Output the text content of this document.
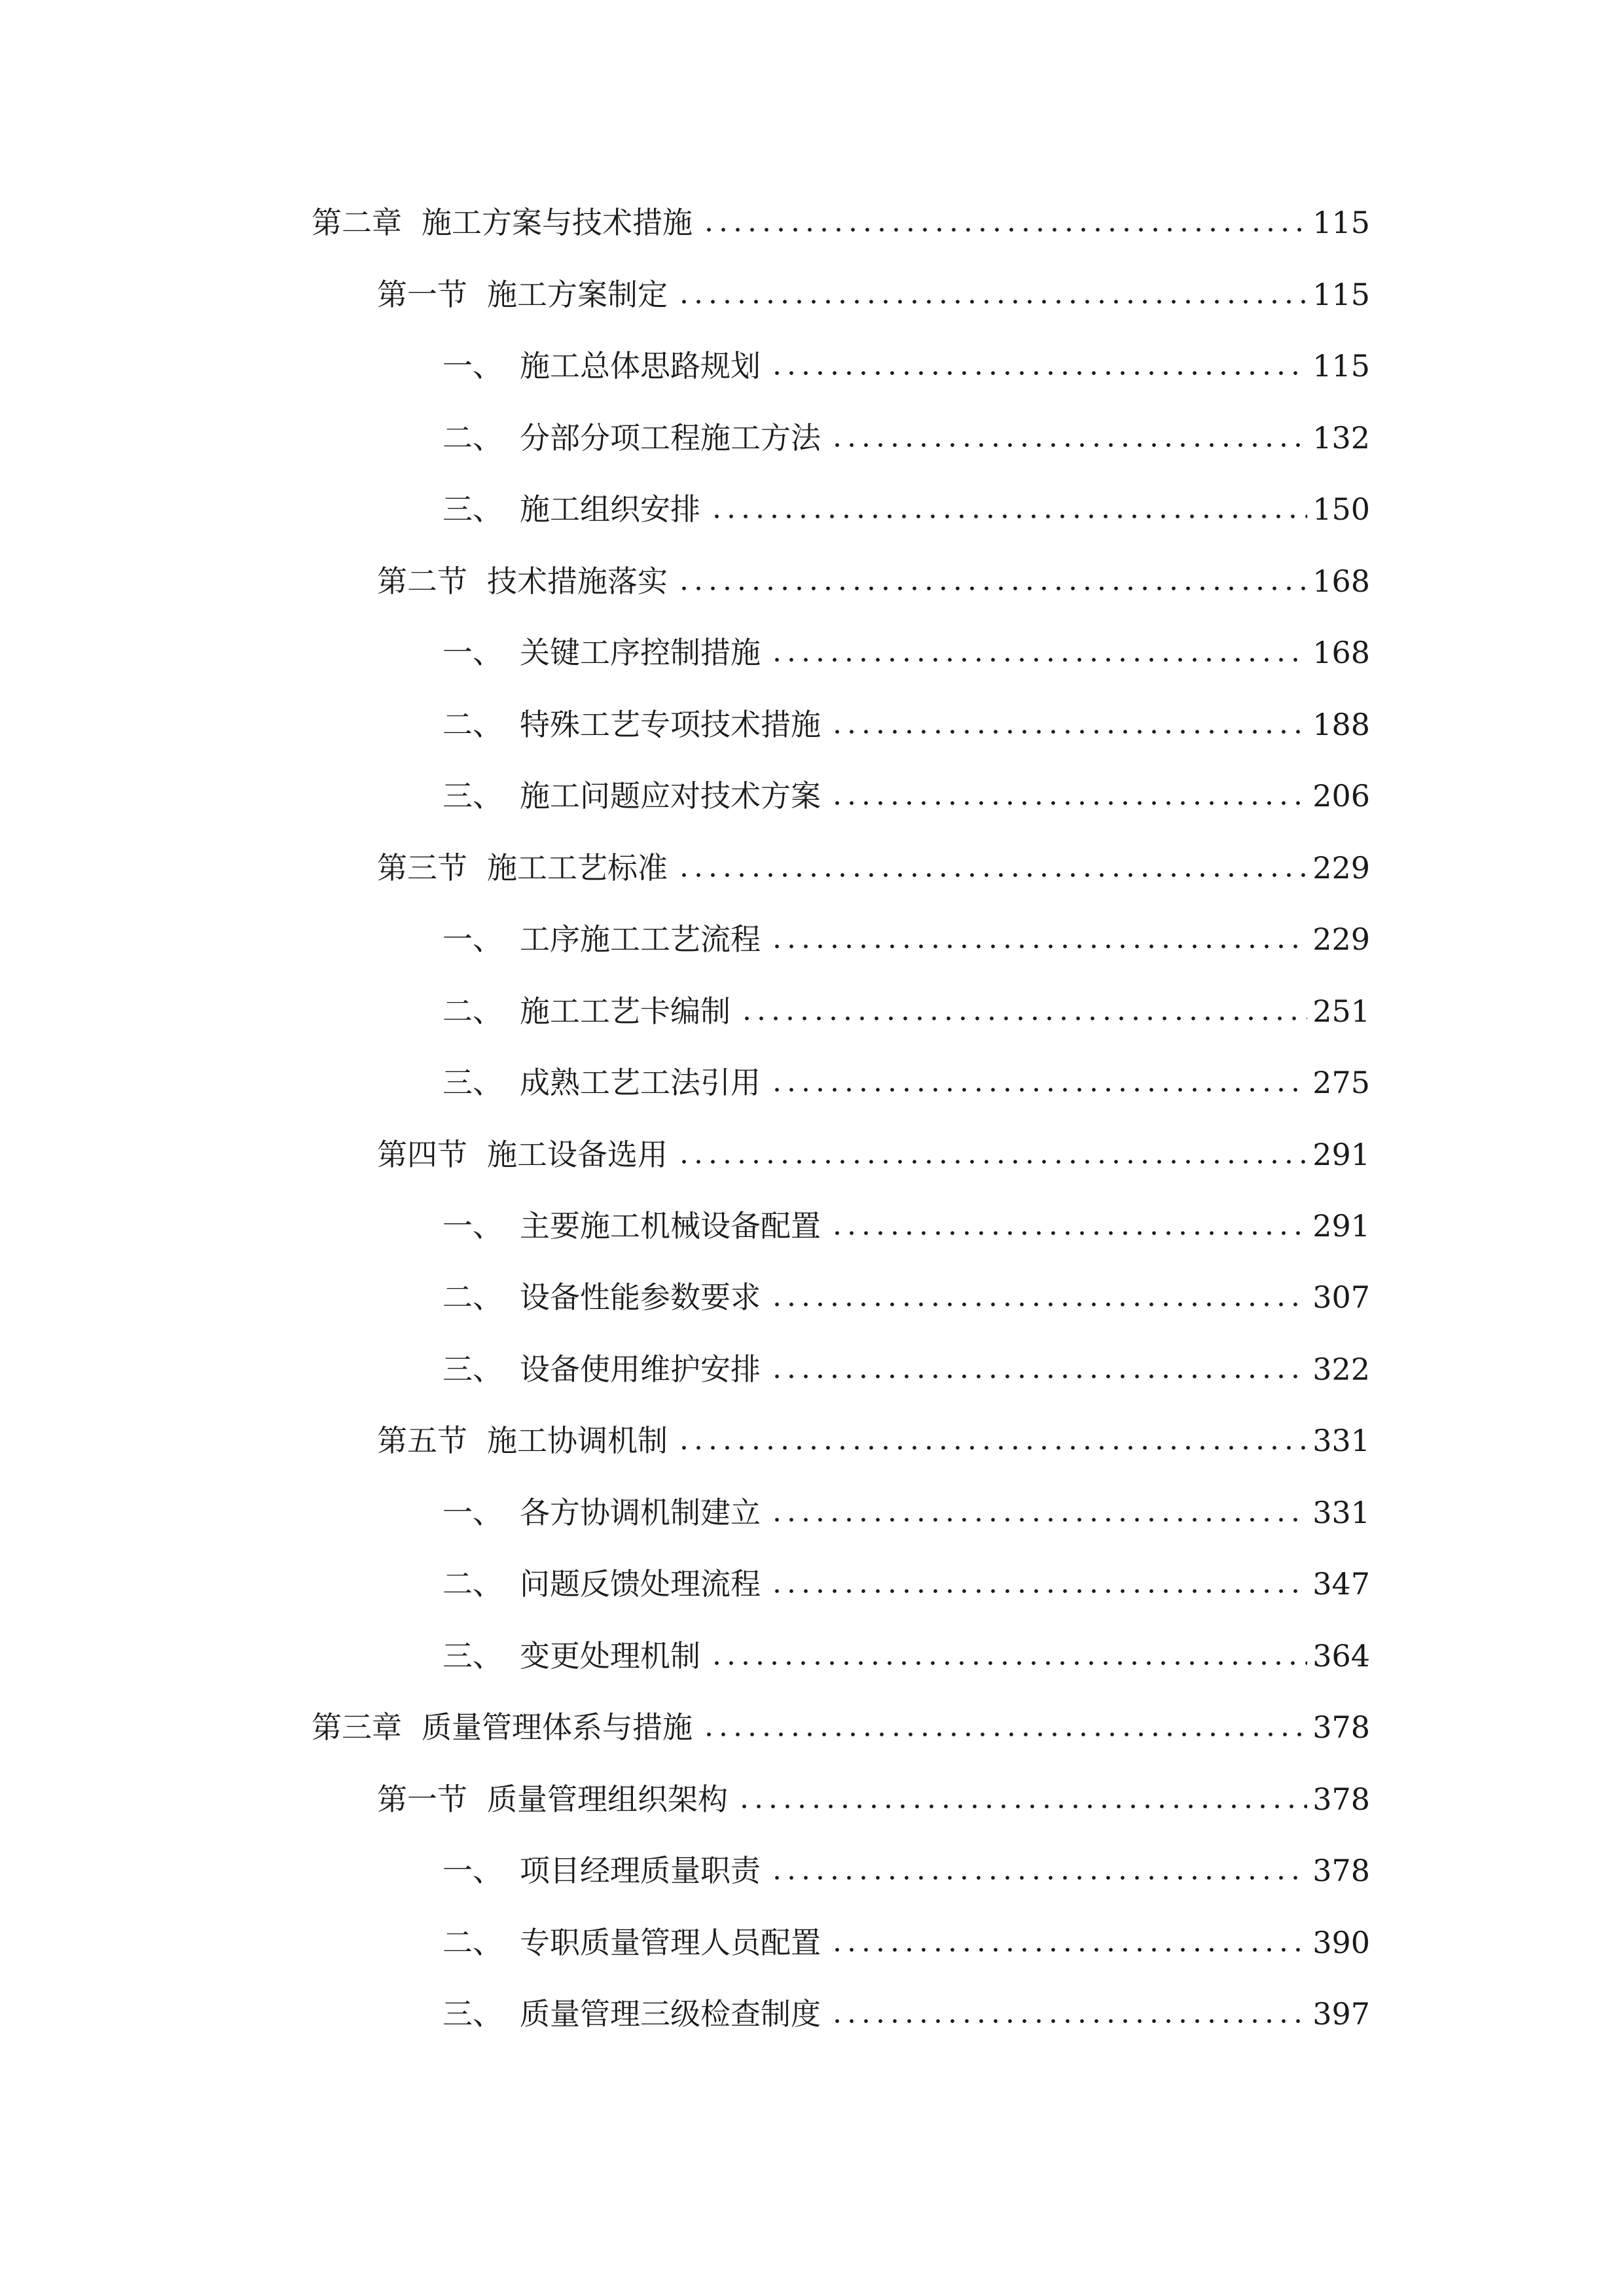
第二章 施工方案与技术措施	115
第一节 施工方案制定	115
一、 施工总体思路规划	115
二、 分部分项工程施工方法	132
三、 施工组织安排	150
第二节 技术措施落实	168
一、 关键工序控制措施	168
二、 特殊工艺专项技术措施	188
三、 施工问题应对技术方案	206
第三节 施工工艺标准	229
一、 工序施工工艺流程	229
二、 施工工艺卡编制	251
三、 成熟工艺工法引用	275
第四节 施工设备选用	291
一、 主要施工机械设备配置	291
二、 设备性能参数要求	307
三、 设备使用维护安排	322
第五节 施工协调机制	331
一、 各方协调机制建立	331
二、 问题反馈处理流程	347
三、 变更处理机制	364
第三章 质量管理体系与措施	378
第一节 质量管理组织架构	378
一、 项目经理质量职责	378
二、 专职质量管理人员配置	390
三、 质量管理三级检查制度	397
